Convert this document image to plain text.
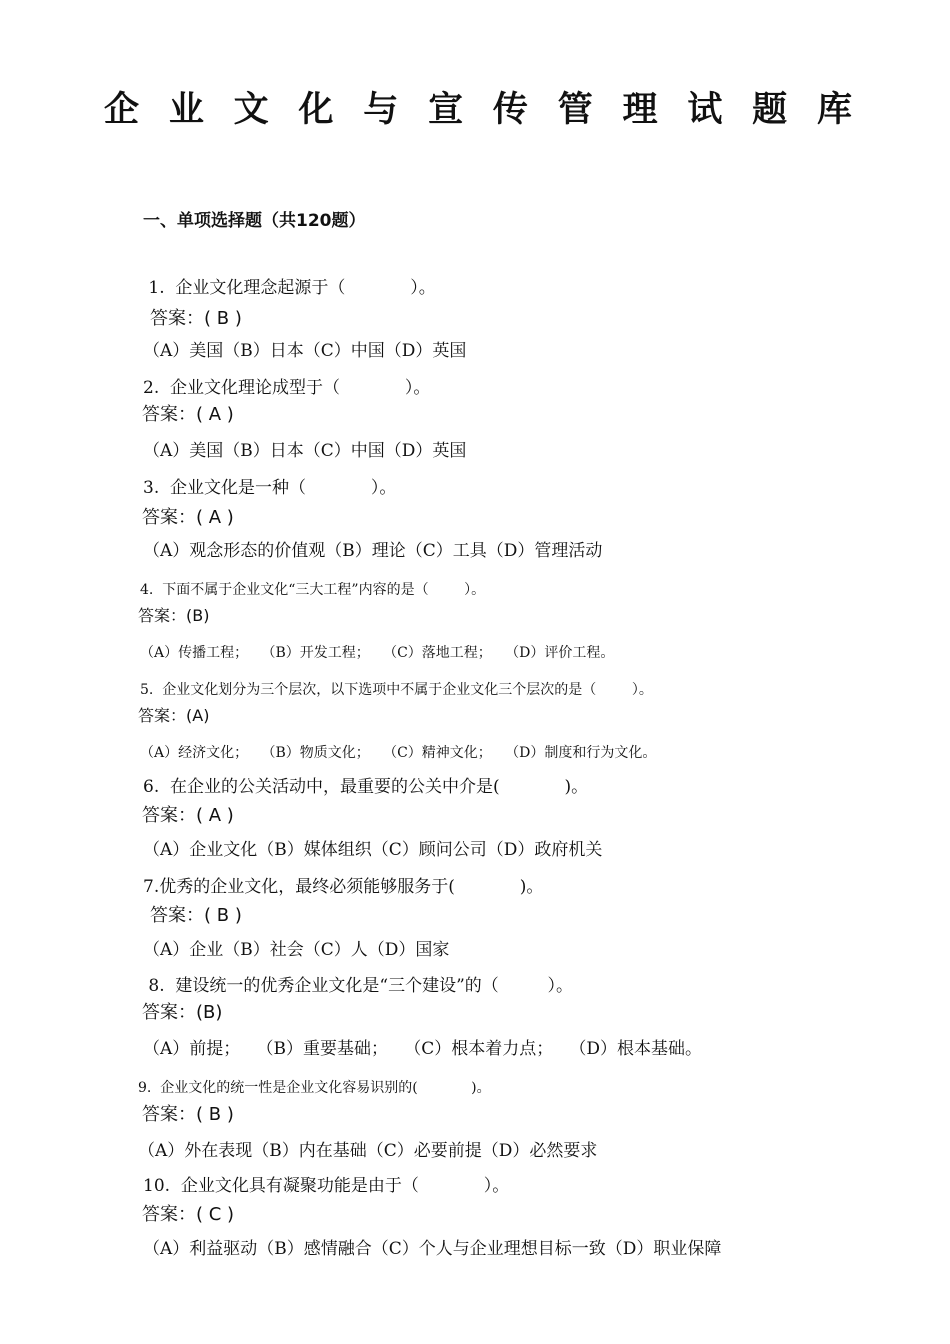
企 业 文 化 与 宣 传 管 理 试 题 库
一、单项选择题（共120题）

1.  企业文化理念起源于（            ）。

（A）美国（B）日本（C）中国（D）英国

答案：( B )

2.  企业文化理论成型于（            ）。

（A）美国（B）日本（C）中国（D）英国

答案：( A )

3.  企业文化是一种（            ）。

（A）观念形态的价值观（B）理论（C）工具（D）管理活动

答案：( A )

4.  下面不属于企业文化“三大工程”内容的是（        ）。

（A）传播工程；   （B）开发工程；   （C）落地工程；   （D）评价工程。

答案：(B)

5.  企业文化划分为三个层次，以下选项中不属于企业文化三个层次的是（        ）。

（A）经济文化；   （B）物质文化；   （C）精神文化；   （D）制度和行为文化。

答案：(A)

6.  在企业的公关活动中，最重要的公关中介是(            )。

（A）企业文化（B）媒体组织（C）顾问公司（D）政府机关

答案：( A )

7.优秀的企业文化，最终必须能够服务于(            )。

（A）企业（B）社会（C）人（D）国家

答案：( B )

8.  建设统一的优秀企业文化是“三个建设”的（         ）。

（A）前提；   （B）重要基础；   （C）根本着力点；   （D）根本基础。

答案：(B)

9.  企业文化的统一性是企业文化容易识别的(            )。

（A）外在表现（B）内在基础（C）必要前提（D）必然要求

答案：( B )

10.  企业文化具有凝聚功能是由于（            ）。

（A）利益驱动（B）感情融合（C）个人与企业理想目标一致（D）职业保障

答案：( C )
